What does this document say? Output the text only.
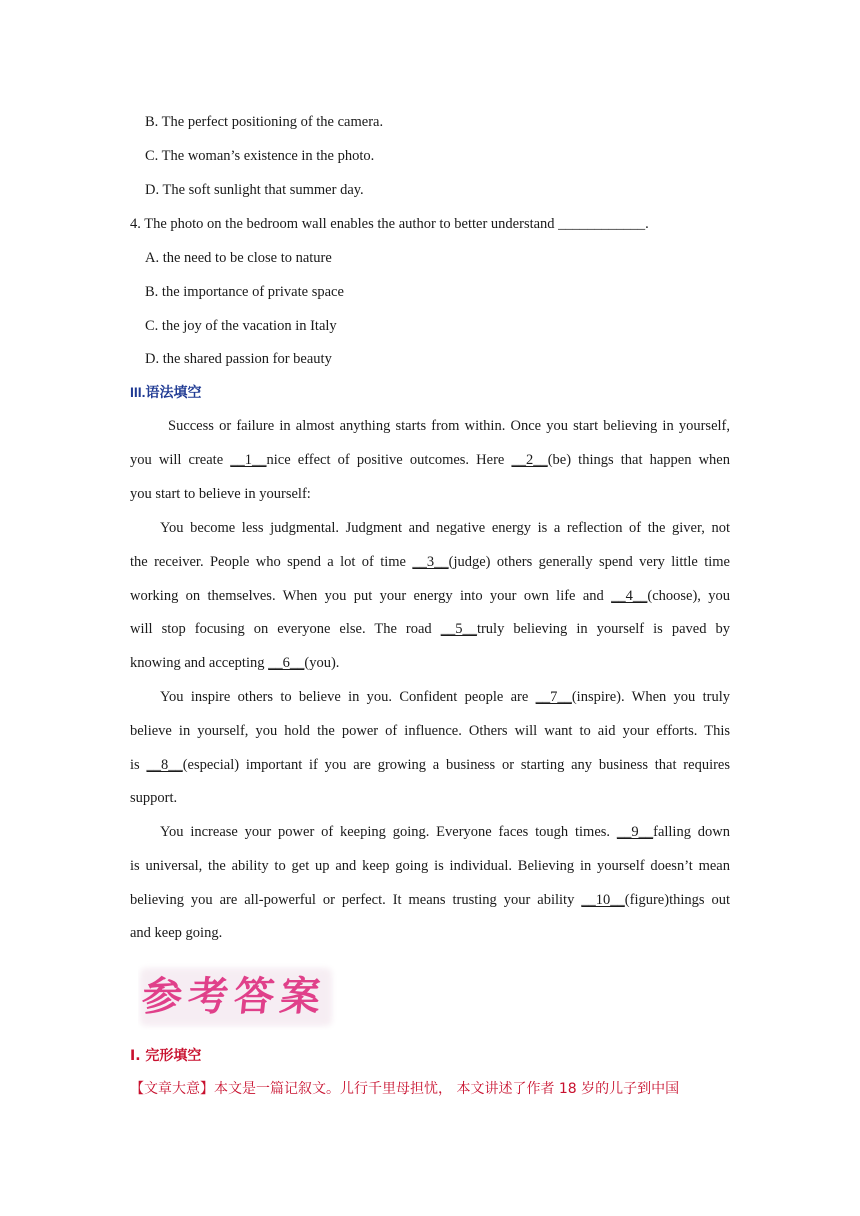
B. The perfect positioning of the camera.
C. The woman’s existence in the photo.
D. The soft sunlight that summer day.
4. The photo on the bedroom wall enables the author to better understand ____________.
A. the need to be close to nature
B. the importance of private space
C. the joy of the vacation in Italy
D. the shared passion for beauty
III.语法填空
Success or failure in almost anything starts from within. Once you start believing in yourself,
you will create __1__nice effect of positive outcomes. Here __2__(be) things that happen when
you start to believe in yourself:
You become less judgmental. Judgment and negative energy is a reflection of the giver, not
the receiver. People who spend a lot of time __3__(judge) others generally spend very little time
working on themselves. When you put your energy into your own life and __4__(choose), you
will stop focusing on everyone else. The road __5__truly believing in yourself is paved by
knowing and accepting __6__(you).
You inspire others to believe in you. Confident people are __7__(inspire). When you truly
believe in yourself, you hold the power of influence. Others will want to aid your efforts. This
is __8__(especial) important if you are growing a business or starting any business that requires
support.
You increase your power of keeping going. Everyone faces tough times. __9__falling down
is universal, the ability to get up and keep going is individual. Believing in yourself doesn’t mean
believing you are all-powerful or perfect. It means trusting your ability __10__(figure)things out
and keep going.
参考答案
I. 完形填空
【文章大意】本文是一篇记叙文。儿行千里母担忧， 本文讲述了作者 18 岁的儿子到中国
